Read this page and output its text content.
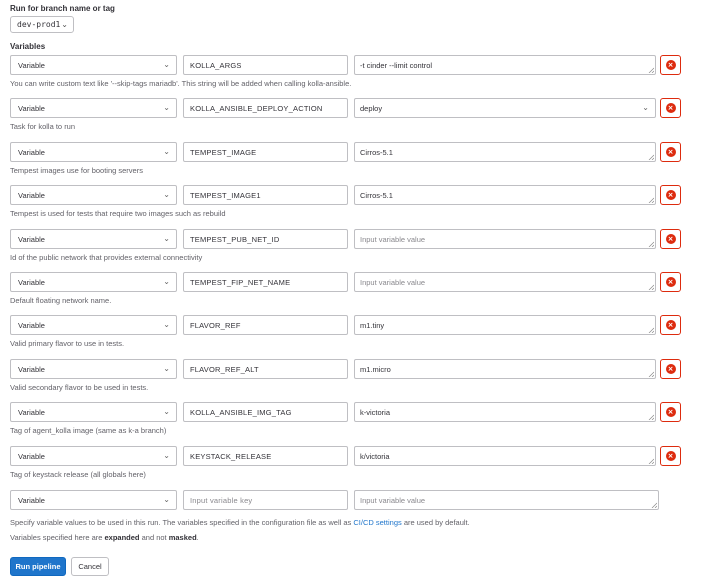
Run for branch name or tag
dev-prod1 ⌄
Variables
Variable	⌄	KOLLA_ARGS	-t cinder --limit control	×
You can write custom text like '--skip-tags mariadb'. This string will be added when calling kolla-ansible.
Variable	⌄	KOLLA_ANSIBLE_DEPLOY_ACTION	deploy	⌄	×
Task for kolla to run
Variable	⌄	TEMPEST_IMAGE	Cirros-5.1	×
Tempest images use for booting servers
Variable	⌄	TEMPEST_IMAGE1	Cirros-5.1	×
Tempest is used for tests that require two images such as rebuild
Variable	⌄	TEMPEST_PUB_NET_ID	Input variable value	×
Id of the public network that provides external connectivity
Variable	⌄	TEMPEST_FIP_NET_NAME	Input variable value	×
Default floating network name.
Variable	⌄	FLAVOR_REF	m1.tiny	×
Valid primary flavor to use in tests.
Variable	⌄	FLAVOR_REF_ALT	m1.micro	×
Valid secondary flavor to be used in tests.
Variable	⌄	KOLLA_ANSIBLE_IMG_TAG	k-victoria	×
Tag of agent_kolla image (same as k-a branch)
Variable	⌄	KEYSTACK_RELEASE	k/victoria	×
Tag of keystack release (all globals here)
Variable	⌄	Input variable key	Input variable value
Specify variable values to be used in this run. The variables specified in the configuration file as well as CI/CD settings are used by default.
Variables specified here are expanded and not masked.
Run pipeline	Cancel
